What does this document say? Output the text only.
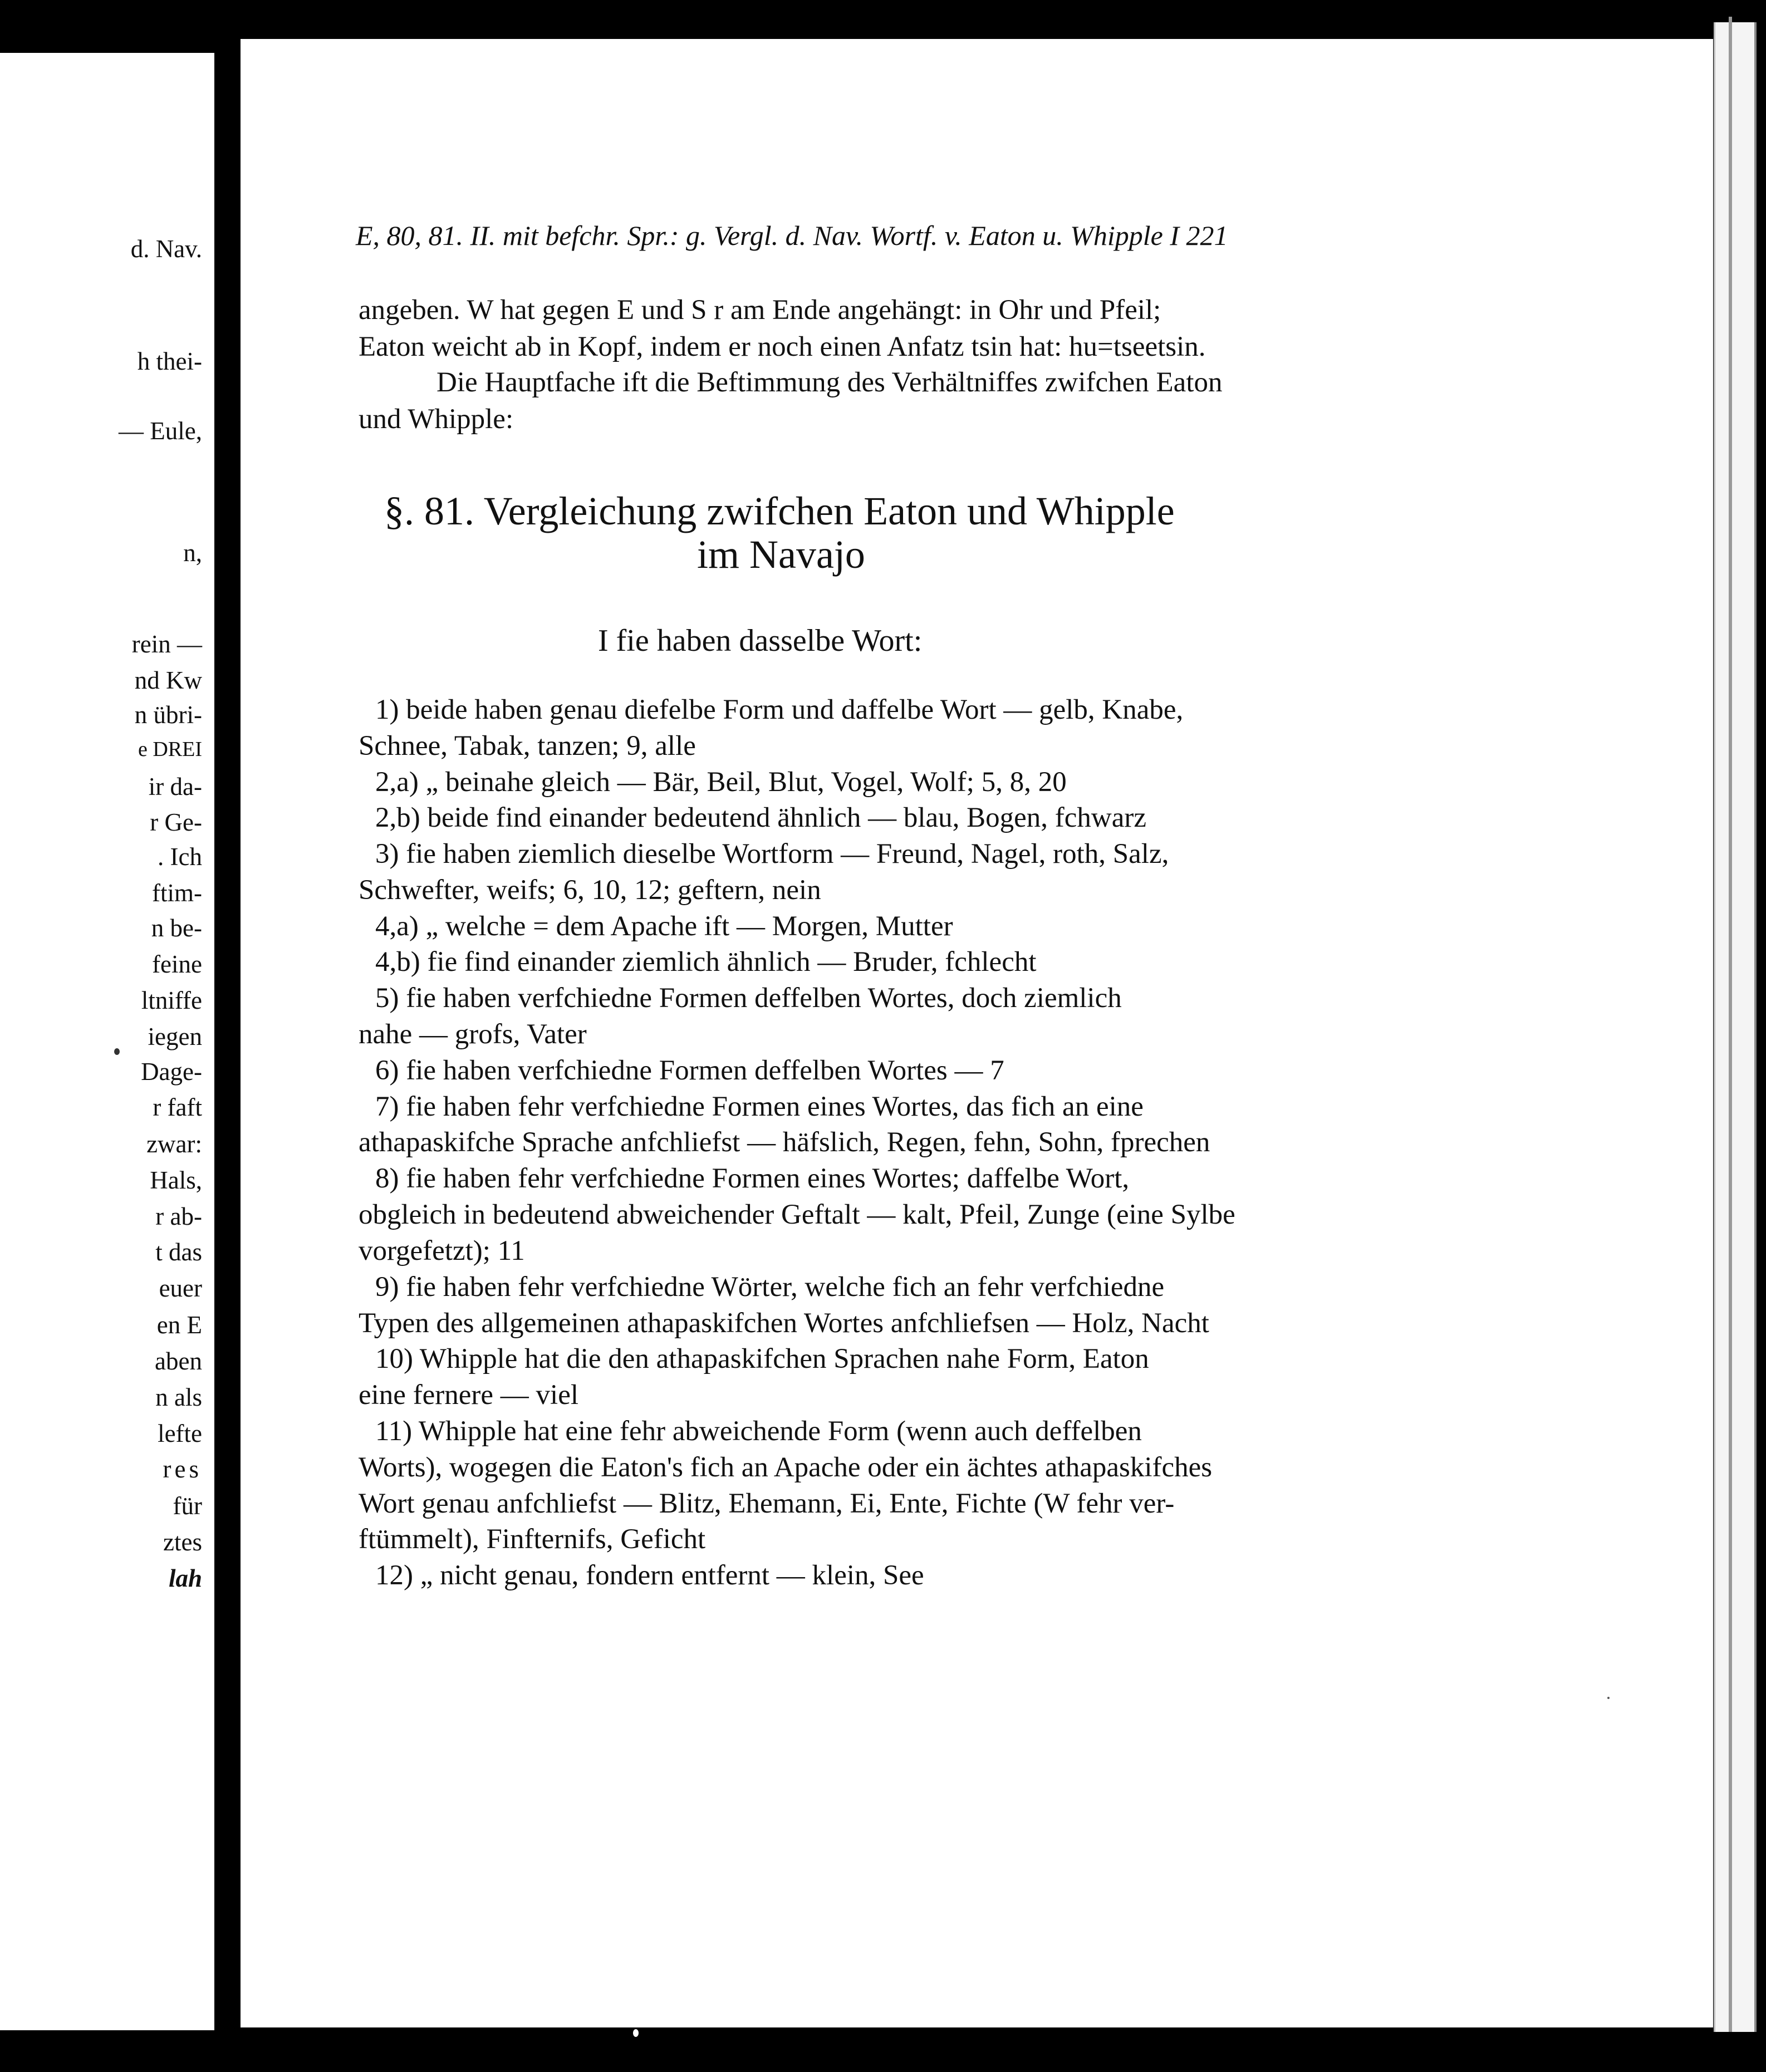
d. Nav.
h thei-
— Eule,
n,
rein —
nd Kw
n übri-
e DREI
ir da-
r Ge-
. Ich
ftim-
n be-
feine
ltniffe
iegen
Dage-
r faft
zwar:
Hals,
r ab-
t das
euer
en E
aben
n als
lefte
res
für
ztes
lah
E, 80, 81. II. mit befchr. Spr.: g. Vergl. d. Nav. Wortf. v. Eaton u. Whipple I 221
angeben. W hat gegen E und S r am Ende angehängt: in Ohr und Pfeil;
Eaton weicht ab in Kopf, indem er noch einen Anfatz tsin hat: hu=tseetsin.
Die Hauptfache ift die Beftimmung des Verhältniffes zwifchen Eaton
und Whipple:
§. 81. Vergleichung zwifchen Eaton und Whipple
im Navajo
I fie haben dasselbe Wort:
1) beide haben genau diefelbe Form und daffelbe Wort — gelb, Knabe,
Schnee, Tabak, tanzen; 9, alle
2,a) „ beinahe gleich — Bär, Beil, Blut, Vogel, Wolf; 5, 8, 20
2,b) beide find einander bedeutend ähnlich — blau, Bogen, fchwarz
3) fie haben ziemlich dieselbe Wortform — Freund, Nagel, roth, Salz,
Schwefter, weifs; 6, 10, 12; geftern, nein
4,a) „ welche = dem Apache ift — Morgen, Mutter
4,b) fie find einander ziemlich ähnlich — Bruder, fchlecht
5) fie haben verfchiedne Formen deffelben Wortes, doch ziemlich
nahe — grofs, Vater
6) fie haben verfchiedne Formen deffelben Wortes — 7
7) fie haben fehr verfchiedne Formen eines Wortes, das fich an eine
athapaskifche Sprache anfchliefst — häfslich, Regen, fehn, Sohn, fprechen
8) fie haben fehr verfchiedne Formen eines Wortes; daffelbe Wort,
obgleich in bedeutend abweichender Geftalt — kalt, Pfeil, Zunge (eine Sylbe
vorgefetzt); 11
9) fie haben fehr verfchiedne Wörter, welche fich an fehr verfchiedne
Typen des allgemeinen athapaskifchen Wortes anfchliefsen — Holz, Nacht
10) Whipple hat die den athapaskifchen Sprachen nahe Form, Eaton
eine fernere — viel
11) Whipple hat eine fehr abweichende Form (wenn auch deffelben
Worts), wogegen die Eaton's fich an Apache oder ein ächtes athapaskifches
Wort genau anfchliefst — Blitz, Ehemann, Ei, Ente, Fichte (W fehr ver-
ftümmelt), Finfternifs, Geficht
12) „ nicht genau, fondern entfernt — klein, See
